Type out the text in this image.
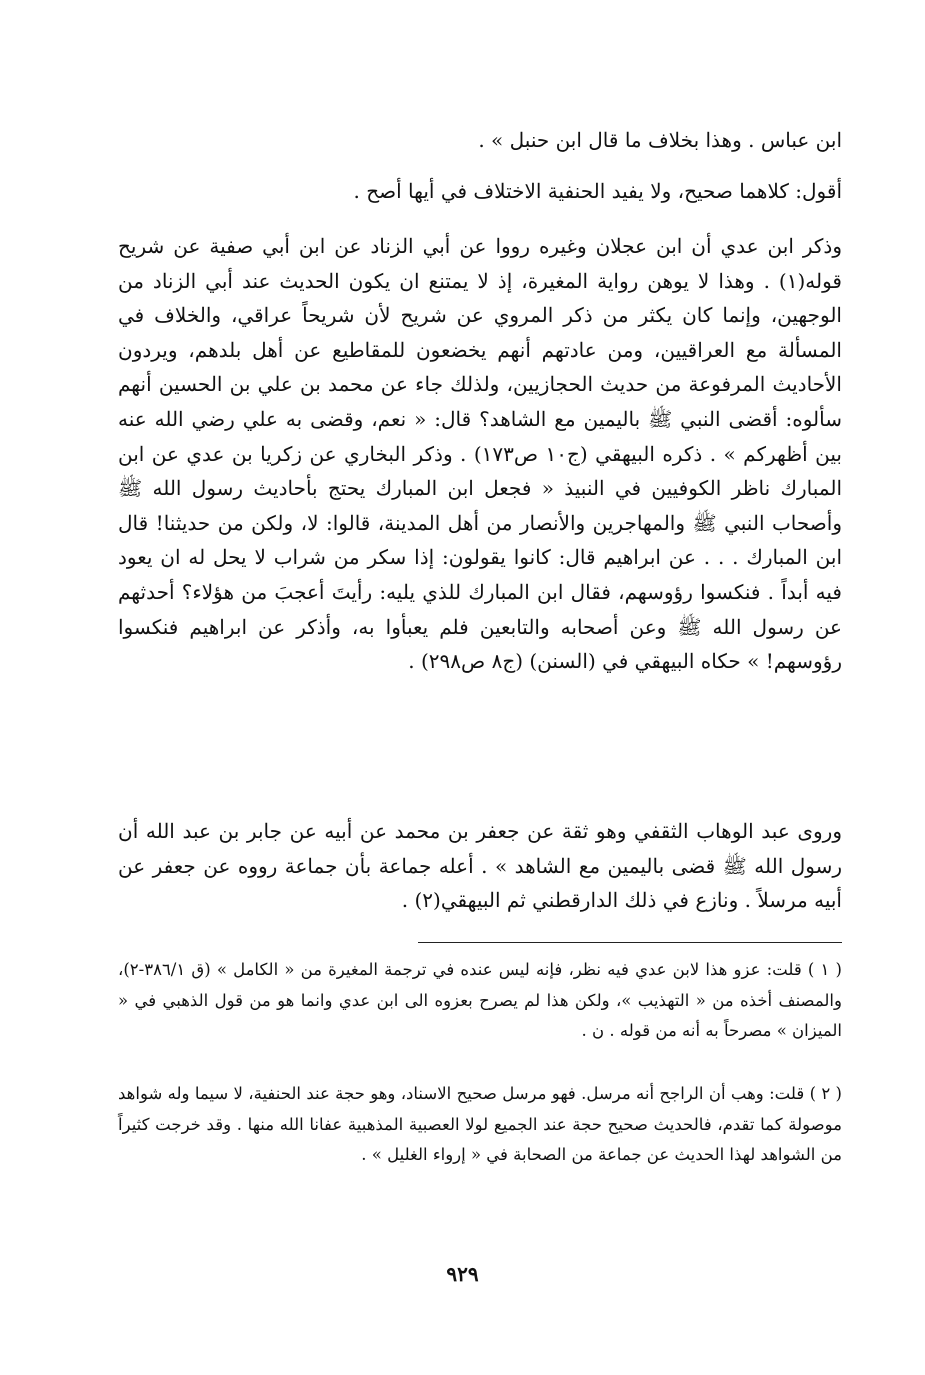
ابن عباس . وهذا بخلاف ما قال ابن حنبل » .

أقول: كلاهما صحيح، ولا يفيد الحنفية الاختلاف في أيها أصح .

وذكر ابن عدي أن ابن عجلان وغيره رووا عن أبي الزناد عن ابن أبي صفية عن شريح قوله(١) . وهذا لا يوهن رواية المغيرة، إذ لا يمتنع ان يكون الحديث عند أبي الزناد من الوجهين، وإنما كان يكثر من ذكر المروي عن شريح لأن شريحاً عراقي، والخلاف في المسألة مع العراقيين، ومن عادتهم أنهم يخضعون للمقاطيع عن أهل بلدهم، ويردون الأحاديث المرفوعة من حديث الحجازيين، ولذلك جاء عن محمد بن علي بن الحسين أنهم سألوه: أقضى النبي ﷺ باليمين مع الشاهد؟ قال: « نعم، وقضى به علي رضي الله عنه بين أظهركم » . ذكره البيهقي (ج١٠ ص١٧٣) . وذكر البخاري عن زكريا بن عدي عن ابن المبارك ناظر الكوفيين في النبيذ « فجعل ابن المبارك يحتج بأحاديث رسول الله ﷺ وأصحاب النبي ﷺ والمهاجرين والأنصار من أهل المدينة، قالوا: لا، ولكن من حديثنا! قال ابن المبارك . . . عن ابراهيم قال: كانوا يقولون: إذا سكر من شراب لا يحل له ان يعود فيه أبداً . فنكسوا رؤوسهم، فقال ابن المبارك للذي يليه: رأيتَ أعجبَ من هؤلاء؟ أحدثهم عن رسول الله ﷺ وعن أصحابه والتابعين فلم يعبأوا به، وأذكر عن ابراهيم فنكسوا رؤوسهم! » حكاه البيهقي في (السنن) (ج٨ ص٢٩٨) .

وروى عبد الوهاب الثقفي وهو ثقة عن جعفر بن محمد عن أبيه عن جابر بن عبد الله أن رسول الله ﷺ قضى باليمين مع الشاهد » . أعله جماعة بأن جماعة رووه عن جعفر عن أبيه مرسلاً . ونازع في ذلك الدارقطني ثم البيهقي(٢) .

( ١ ) قلت: عزو هذا لابن عدي فيه نظر، فإنه ليس عنده في ترجمة المغيرة من « الكامل » (ق ٣٨٦/١-٢)، والمصنف أخذه من « التهذيب »، ولكن هذا لم يصرح بعزوه الى ابن عدي وانما هو من قول الذهبي في « الميزان » مصرحاً به أنه من قوله . ن .

( ٢ ) قلت: وهب أن الراجح أنه مرسل. فهو مرسل صحيح الاسناد، وهو حجة عند الحنفية، لا سيما وله شواهد موصولة كما تقدم، فالحديث صحيح حجة عند الجميع لولا العصبية المذهبية عفانا الله منها . وقد خرجت كثيراً من الشواهد لهذا الحديث عن جماعة من الصحابة في « إرواء الغليل » .

٩٢٩
